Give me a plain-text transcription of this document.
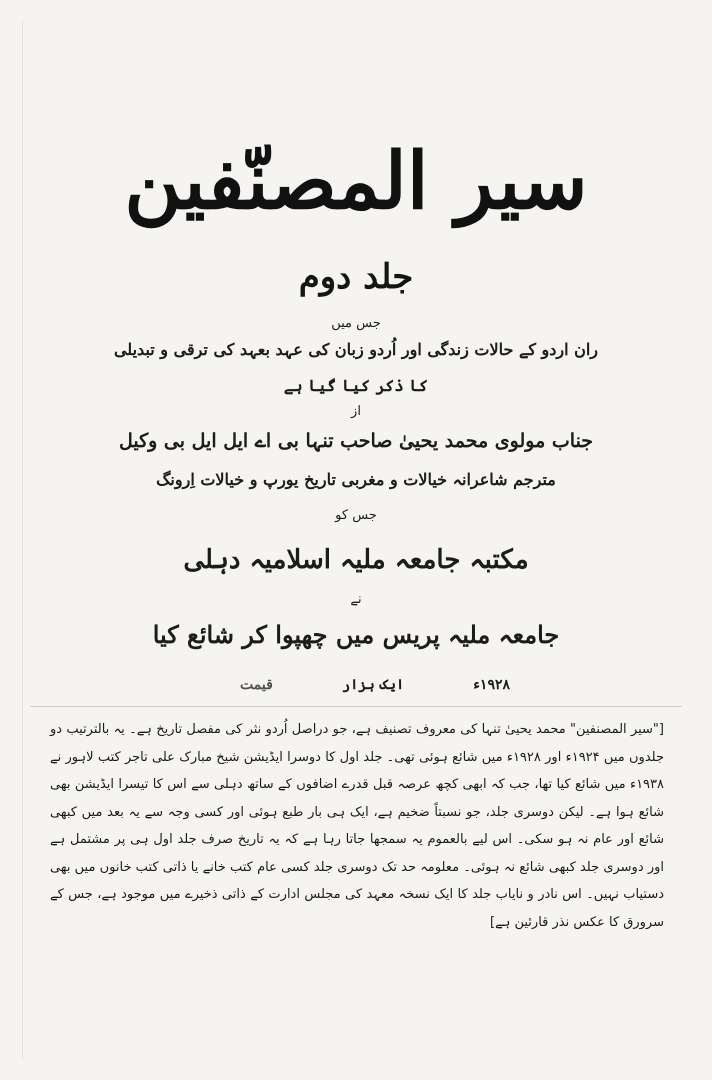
سیر المصنّفین
جلد دوم
جس میں
ران اردو کے حالات زندگی اور اُردو زبان کی عہد بعہد کی ترقی و تبدیلی
کا ذکر کیا گیا ہے
از
جناب مولوی محمد یحییٰ صاحب تنہا بی اے ایل ایل بی وکیل
مترجم شاعرانہ خیالات و مغربی تاریخ یورپ و خیالات اِرونگ
جس کو
مکتبہ جامعہ ملیہ اسلامیہ دہلی
نے
جامعہ ملیہ پریس میں چھپوا کر شائع کیا
۱۹۲۸ء
ایک ہزار
قیمت
["سیر المصنفین" محمد یحییٰ تنہا کی معروف تصنیف ہے، جو دراصل اُردو نثر کی مفصل تاریخ ہے۔ یہ بالترتیب دو جلدوں میں ۱۹۲۴ء اور ۱۹۲۸ء میں شائع ہوئی تھی۔ جلد اول کا دوسرا ایڈیشن شیخ مبارک علی تاجر کتب لاہور نے ۱۹۳۸ء میں شائع کیا تھا، جب کہ ابھی کچھ عرصہ قبل قدرے اضافوں کے ساتھ دہلی سے اس کا تیسرا ایڈیشن بھی شائع ہوا ہے۔ لیکن دوسری جلد، جو نسبتاً ضخیم ہے، ایک ہی بار طبع ہوئی اور کسی وجہ سے یہ بعد میں کبھی شائع اور عام نہ ہو سکی۔ اس لیے بالعموم یہ سمجھا جاتا رہا ہے کہ یہ تاریخ صرف جلد اول ہی پر مشتمل ہے اور دوسری جلد کبھی شائع نہ ہوئی۔ معلومہ حد تک دوسری جلد کسی عام کتب خانے یا ذاتی کتب خانوں میں بھی دستیاب نہیں۔ اس نادر و نایاب جلد کا ایک نسخہ معہد کی مجلس ادارت کے ذاتی ذخیرے میں موجود ہے، جس کے سرورق کا عکس نذر قارئین ہے]
